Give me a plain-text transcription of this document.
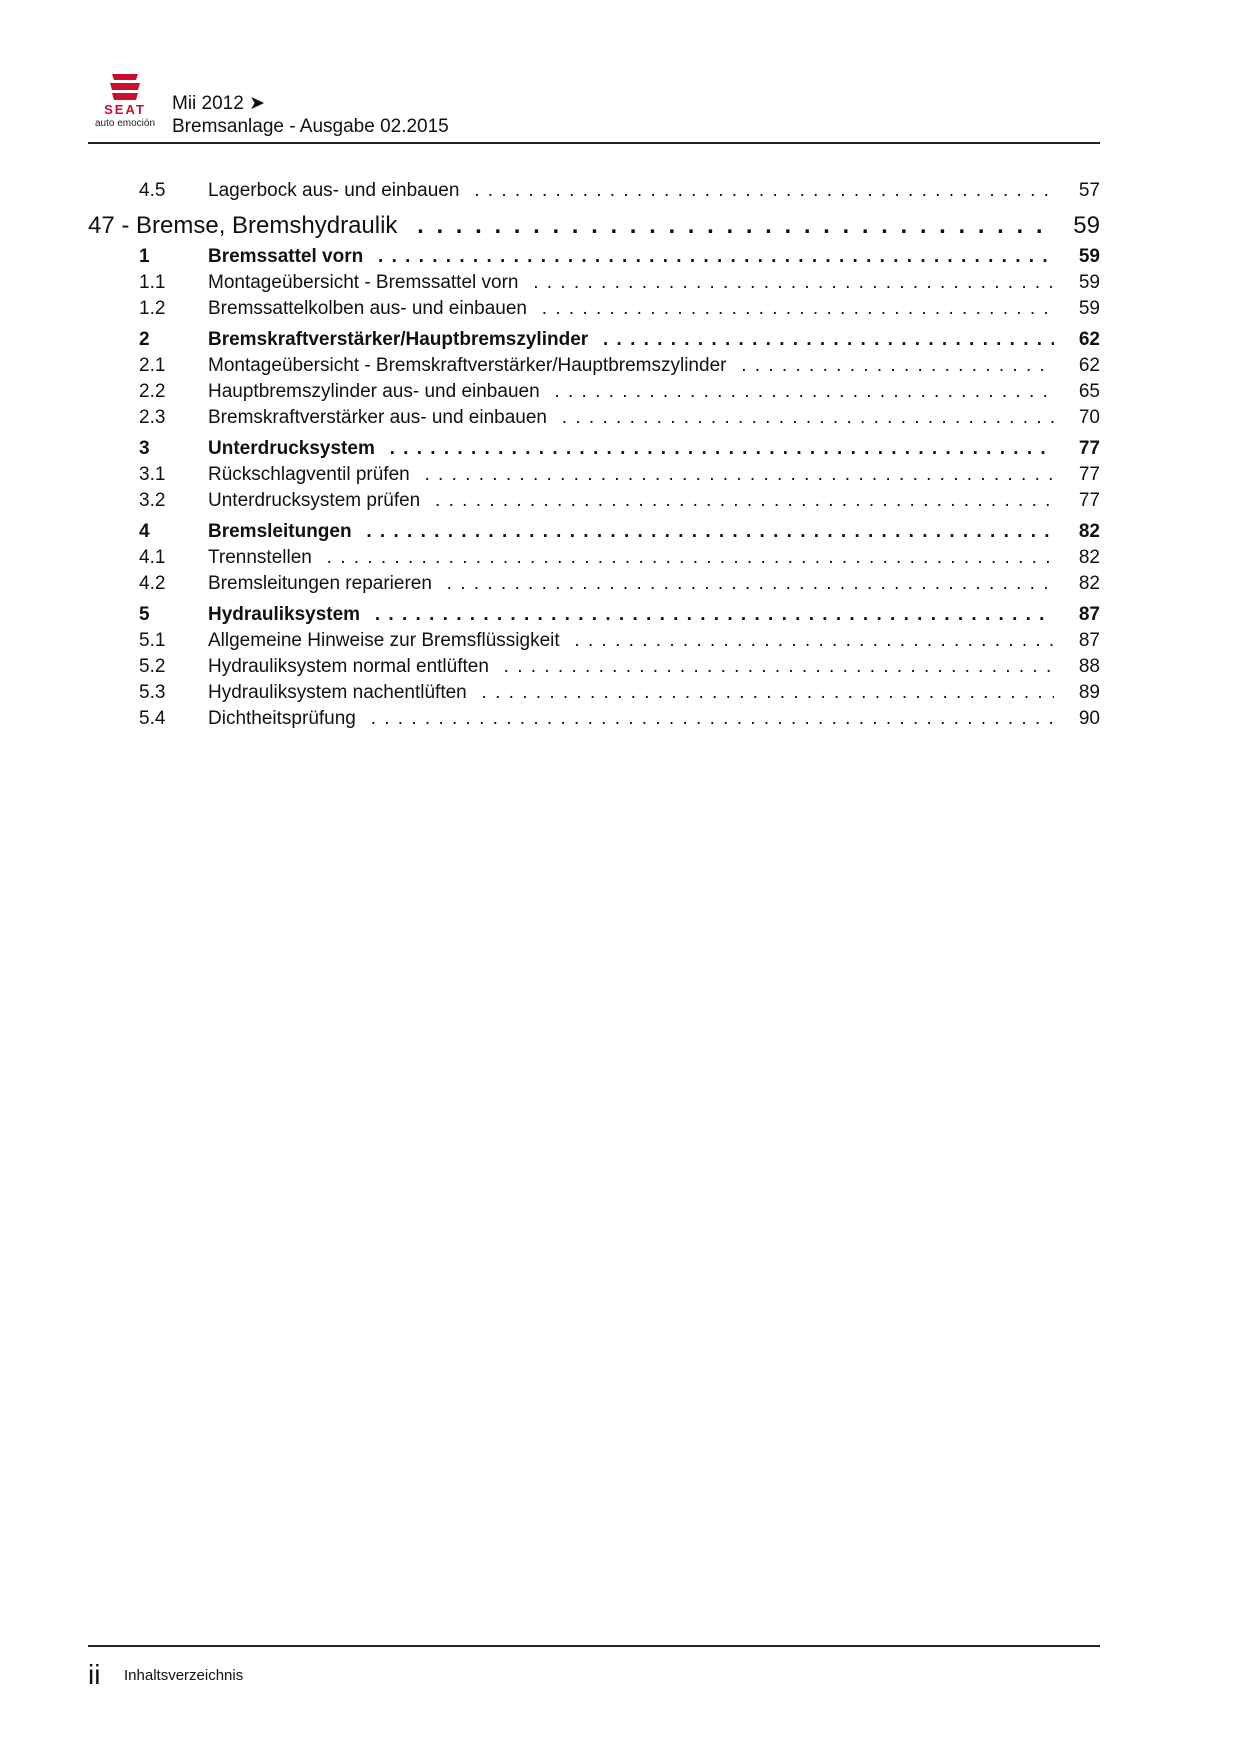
SEAT
auto emoción
Mii 2012 ➤
Bremsanlage - Ausgabe 02.2015
4.5 Lagerbock aus- und einbauen . . .	57
47 - Bremse, Bremshydraulik . . .	59
1	Bremssattel vorn . . .	59
1.1 Montageübersicht - Bremssattel vorn . . .	59
1.2 Bremssattelkolben aus- und einbauen . . .	59
2	Bremskraftverstärker/Hauptbremszylinder . . .	62
2.1 Montageübersicht - Bremskraftverstärker/Hauptbremszylinder . . .	62
2.2 Hauptbremszylinder aus- und einbauen . . .	65
2.3 Bremskraftverstärker aus- und einbauen . . .	70
3	Unterdrucksystem . . .	77
3.1 Rückschlagventil prüfen . . .	77
3.2 Unterdrucksystem prüfen . . .	77
4	Bremsleitungen . . .	82
4.1 Trennstellen . . .	82
4.2 Bremsleitungen reparieren . . .	82
5	Hydrauliksystem . . .	87
5.1 Allgemeine Hinweise zur Bremsflüssigkeit . . .	87
5.2 Hydrauliksystem normal entlüften . . .	88
5.3 Hydrauliksystem nachentlüften . . .	89
5.4 Dichtheitsprüfung . . .	90
ii Inhaltsverzeichnis
